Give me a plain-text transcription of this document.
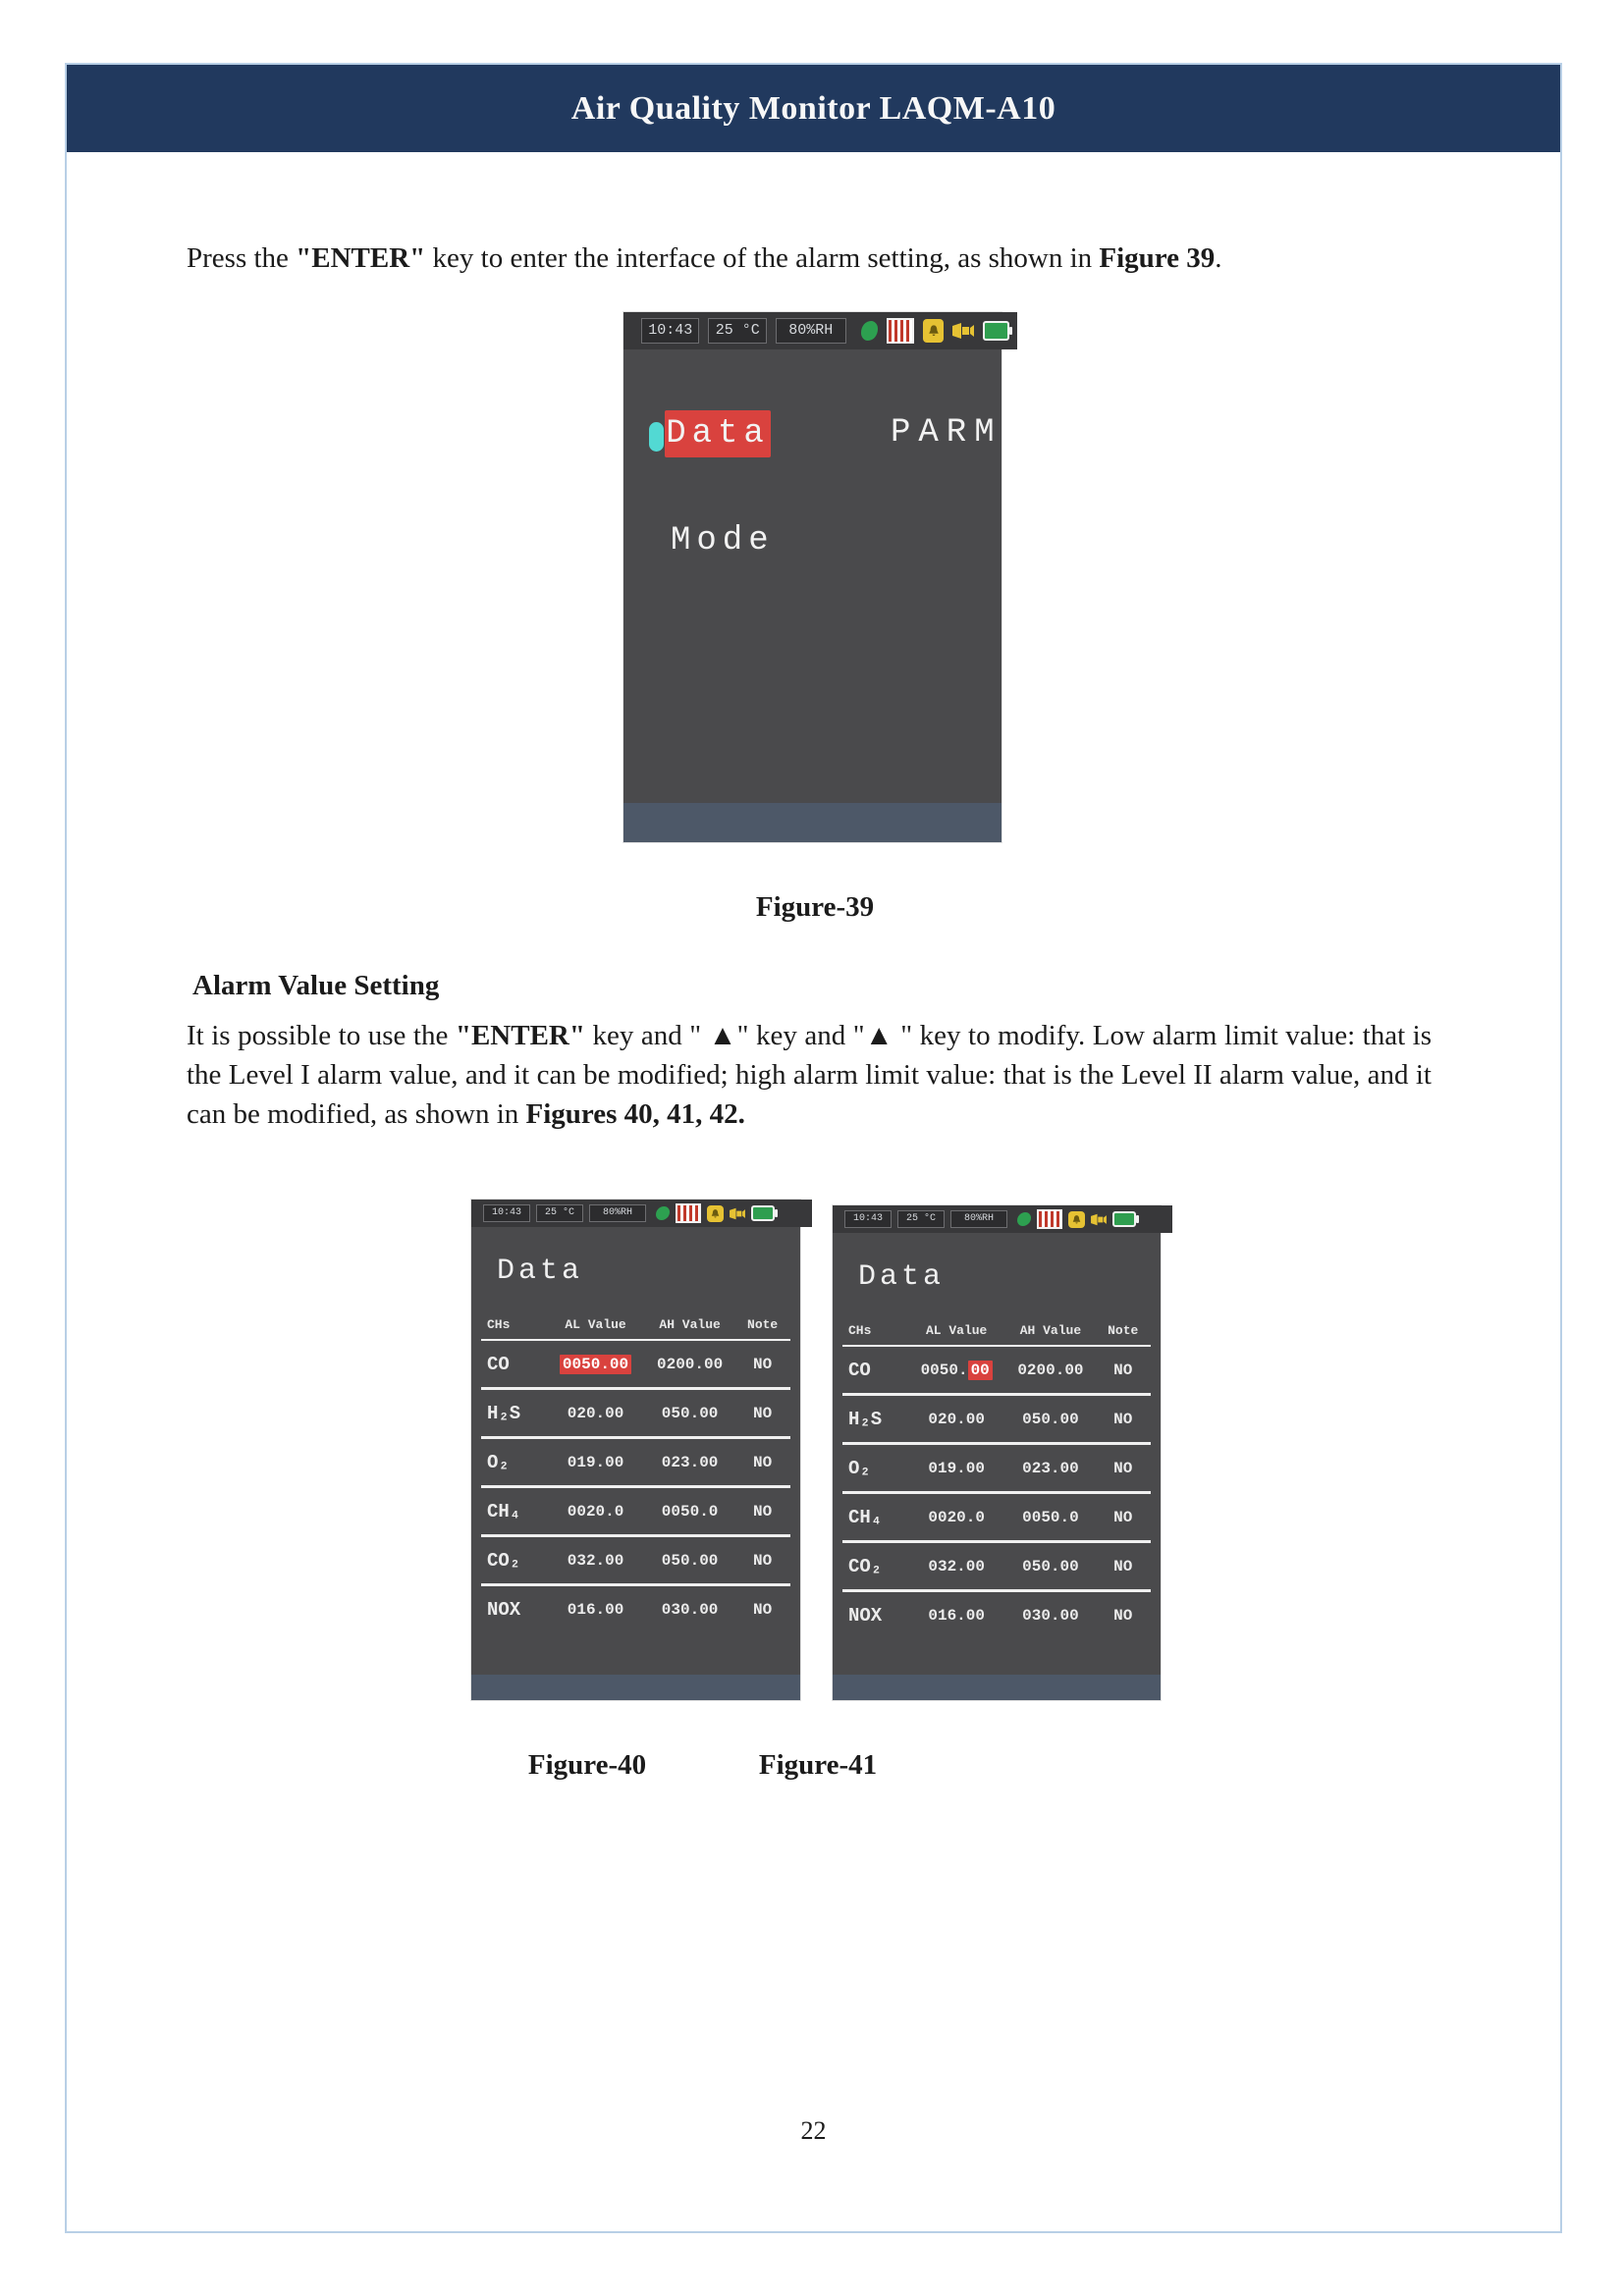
Air Quality Monitor LAQM-A10
Press the "ENTER" key to enter the interface of the alarm setting, as shown in Figure 39.
10:43	25 °C	80%RH
Data	PARM
Mode
Figure-39
Alarm Value Setting
It is possible to use the "ENTER" key and " ▲" key and "▲ " key to modify. Low alarm limit value: that is the Level I alarm value, and it can be modified; high alarm limit value: that is the Level II alarm value, and it can be modified, as shown in Figures 40, 41, 42.
10:43	25 °C	80%RH
Data
CHs	AL Value	AH Value	Note
CO	0050.00	0200.00	NO
H₂S	020.00	050.00	NO
O₂	019.00	023.00	NO
CH₄	0020.0	0050.0	NO
CO₂	032.00	050.00	NO
NOX	016.00	030.00	NO
10:43	25 °C	80%RH
Data
CHs	AL Value	AH Value	Note
CO	0050. 00	0200.00	NO
H₂S	020.00	050.00	NO
O₂	019.00	023.00	NO
CH₄	0020.0	0050.0	NO
CO₂	032.00	050.00	NO
NOX	016.00	030.00	NO
Figure-40	Figure-41
22
